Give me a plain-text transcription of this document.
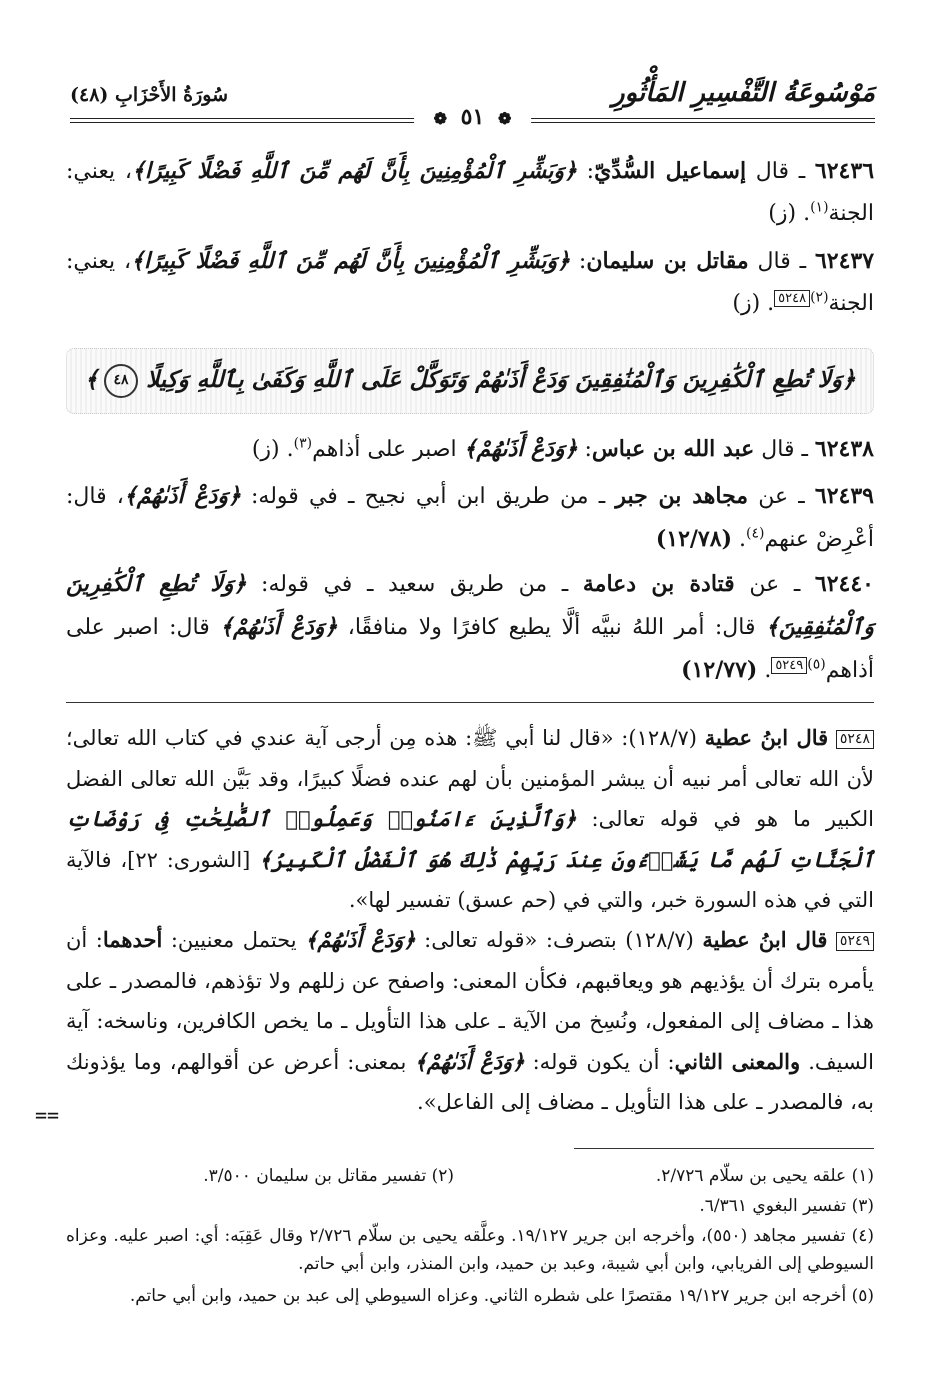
مَوْسُوعَةُ التَّفْسِيرِ المَأْثُورِ
سُورَةُ الأَحْزَابِ (٤٨)
❁ ٥١ ❁
٦٢٤٣٦ ـ قال إسماعيل السُّدِّيّ: ﴿وَبَشِّرِ ٱلْمُؤْمِنِينَ بِأَنَّ لَهُم مِّنَ ٱللَّهِ فَضْلًا كَبِيرًا﴾، يعني: الجنة$^{(١)}$. (ز)
٦٢٤٣٧ ـ قال مقاتل بن سليمان: ﴿وَبَشِّرِ ٱلْمُؤْمِنِينَ بِأَنَّ لَهُم مِّنَ ٱللَّهِ فَضْلًا كَبِيرًا﴾، يعني: الجنة$^{(٢)}$٥٢٤٨. (ز)
﴿وَلَا تُطِعِ ٱلْكَٰفِرِينَ وَٱلْمُنَٰفِقِينَ وَدَعْ أَذَىٰهُمْ وَتَوَكَّلْ عَلَى ٱللَّهِ وَكَفَىٰ بِٱللَّهِ وَكِيلًا ٤٨﴾
٦٢٤٣٨ ـ قال عبد الله بن عباس: ﴿وَدَعْ أَذَىٰهُمْ﴾ اصبر على أذاهم$^{(٣)}$. (ز)
٦٢٤٣٩ ـ عن مجاهد بن جبر ـ من طريق ابن أبي نجيح ـ في قوله: ﴿وَدَعْ أَذَىٰهُمْ﴾، قال: أعْرِضْ عنهم$^{(٤)}$. (١٢/٧٨)
٦٢٤٤٠ ـ عن قتادة بن دعامة ـ من طريق سعيد ـ في قوله: ﴿وَلَا تُطِعِ ٱلْكَٰفِرِينَ وَٱلْمُنَٰفِقِينَ﴾ قال: أمر اللهُ نبيَّه ألَّا يطيع كافرًا ولا منافقًا، ﴿وَدَعْ أَذَىٰهُمْ﴾ قال: اصبر على أذاهم$^{(٥)}$٥٢٤٩. (١٢/٧٧)
٥٢٤٨ قال ابنُ عطية (١٢٨/٧): «قال لنا أبي ﷺ: هذه مِن أرجى آية عندي في كتاب الله تعالى؛ لأن الله تعالى أمر نبيه أن يبشر المؤمنين بأن لهم عنده فضلًا كبيرًا، وقد بَيَّن الله تعالى الفضل الكبير ما هو في قوله تعالى: ﴿وَٱلَّذِينَ ءَامَنُوا۟ وَعَمِلُوا۟ ٱلصَّٰلِحَٰتِ فِى رَوْضَاتِ ٱلْجَنَّاتِ لَهُم مَّا يَشَاۤءُونَ عِندَ رَبِّهِمْ ذَٰلِكَ هُوَ ٱلْفَضْلُ ٱلْكَبِيرُ﴾ [الشورى: ٢٢]، فالآية التي في هذه السورة خبر، والتي في (حم عسق) تفسير لها».
٥٢٤٩ قال ابنُ عطية (١٢٨/٧) بتصرف: «قوله تعالى: ﴿وَدَعْ أَذَىٰهُمْ﴾ يحتمل معنيين: أحدهما: أن يأمره بترك أن يؤذيهم هو ويعاقبهم، فكأن المعنى: واصفح عن زللهم ولا تؤذهم، فالمصدر ـ على هذا ـ مضاف إلى المفعول، ونُسِخ من الآية ـ على هذا التأويل ـ ما يخص الكافرين، وناسخه: آية السيف. والمعنى الثاني: أن يكون قوله: ﴿وَدَعْ أَذَىٰهُمْ﴾ بمعنى: أعرض عن أقوالهم، وما يؤذونك به، فالمصدر ـ على هذا التأويل ـ مضاف إلى الفاعل».
==
(١) علقه يحيى بن سلّام ٢/٧٢٦.
(٢) تفسير مقاتل بن سليمان ٣/٥٠٠.
(٣) تفسير البغوي ٦/٣٦١.
(٤) تفسير مجاهد (٥٥٠)، وأخرجه ابن جرير ١٩/١٢٧. وعلَّقه يحيى بن سلّام ٢/٧٢٦ وقال عَقِبَه: أي: اصبر عليه. وعزاه السيوطي إلى الفريابي، وابن أبي شيبة، وعبد بن حميد، وابن المنذر، وابن أبي حاتم.
(٥) أخرجه ابن جرير ١٩/١٢٧ مقتصرًا على شطره الثاني. وعزاه السيوطي إلى عبد بن حميد، وابن أبي حاتم.
